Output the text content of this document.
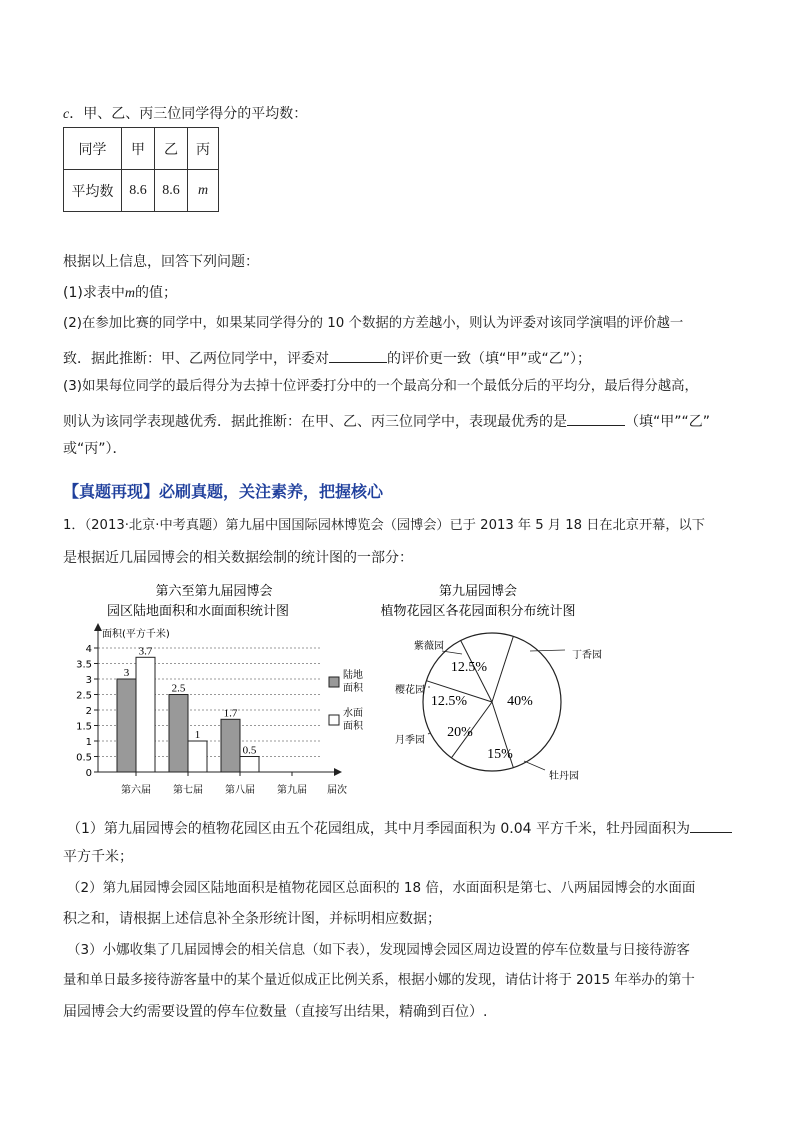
c．甲、乙、丙三位同学得分的平均数：
同学	甲	乙	丙
平均数	8.6	8.6	m
根据以上信息，回答下列问题：
(1)求表中m的值；
(2)在参加比赛的同学中，如果某同学得分的 10 个数据的方差越小，则认为评委对该同学演唱的评价越一
致．据此推断：甲、乙两位同学中，评委对	的评价更一致（填“甲”或“乙”）；
(3)如果每位同学的最后得分为去掉十位评委打分中的一个最高分和一个最低分后的平均分，最后得分越高，
则认为该同学表现越优秀．据此推断：在甲、乙、丙三位同学中，表现最优秀的是	（填“甲”“乙”
或“丙”）．
【真题再现】必刷真题，关注素养，把握核心
1．（2013·北京·中考真题）第九届中国国际园林博览会（园博会）已于 2013 年 5 月 18 日在北京开幕，以下
是根据近几届园博会的相关数据绘制的统计图的一部分：
第六至第九届园博会
园区陆地面积和水面面积统计图
0
0.5
1
1.5
2
2.5
3
3.5
4
面积(平方千米)
届次
第六届
3
3.7
第七届
2.5
1
第八届
1.7
0.5
第九届
陆地
面积
水面
面积
第九届园博会
植物花园区各花园面积分布统计图
40%
丁香园
15%
牡丹园
20%
月季园
12.5%
樱花园
12.5%
紫薇园
（1）第九届园博会的植物花园区由五个花园组成，其中月季园面积为 0.04 平方千米，牡丹园面积为
平方千米；
（2）第九届园博会园区陆地面积是植物花园区总面积的 18 倍，水面面积是第七、八两届园博会的水面面
积之和，请根据上述信息补全条形统计图，并标明相应数据；
（3）小娜收集了几届园博会的相关信息（如下表），发现园博会园区周边设置的停车位数量与日接待游客
量和单日最多接待游客量中的某个量近似成正比例关系，根据小娜的发现，请估计将于 2015 年举办的第十
届园博会大约需要设置的停车位数量（直接写出结果，精确到百位）.
